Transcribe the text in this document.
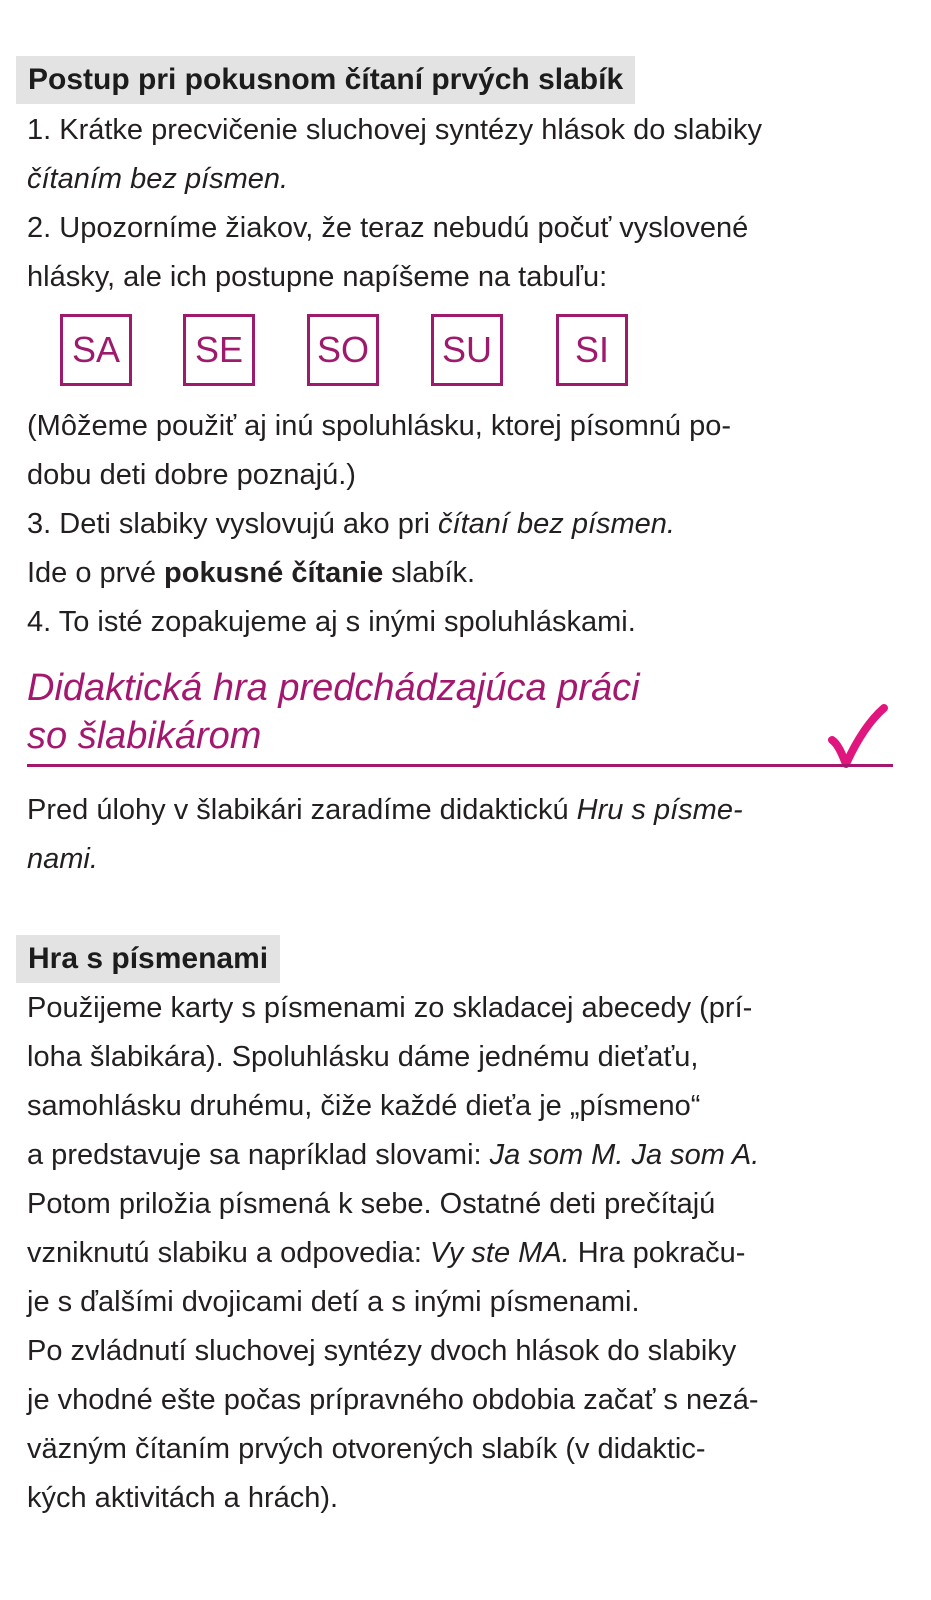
Postup pri pokusnom čítaní prvých slabík
1. Krátke precvičenie sluchovej syntézy hlások do slabiky
čítaním bez písmen.
2. Upozorníme žiakov, že teraz nebudú počuť vyslovené
hlásky, ale ich postupne napíšeme na tabuľu:
SA	SE	SO	SU	SI
(Môžeme použiť aj inú spoluhlásku, ktorej písomnú po-
dobu deti dobre poznajú.)
3. Deti slabiky vyslovujú ako pri čítaní bez písmen.
Ide o prvé pokusné čítanie slabík.
4. To isté zopakujeme aj s inými spoluhláskami.
Didaktická hra predchádzajúca práci
so šlabikárom
Pred úlohy v šlabikári zaradíme didaktickú Hru s písme-
nami.
Hra s písmenami
Použijeme karty s písmenami zo skladacej abecedy (prí-
loha šlabikára). Spoluhlásku dáme jednému dieťaťu,
samohlásku druhému, čiže každé dieťa je „písmeno“
a predstavuje sa napríklad slovami: Ja som M. Ja som A.
Potom priložia písmená k sebe. Ostatné deti prečítajú
vzniknutú slabiku a odpovedia: Vy ste MA. Hra pokraču-
je s ďalšími dvojicami detí a s inými písmenami.
Po zvládnutí sluchovej syntézy dvoch hlások do slabiky
je vhodné ešte počas prípravného obdobia začať s nezá-
väzným čítaním prvých otvorených slabík (v didaktic-
kých aktivitách a hrách).
